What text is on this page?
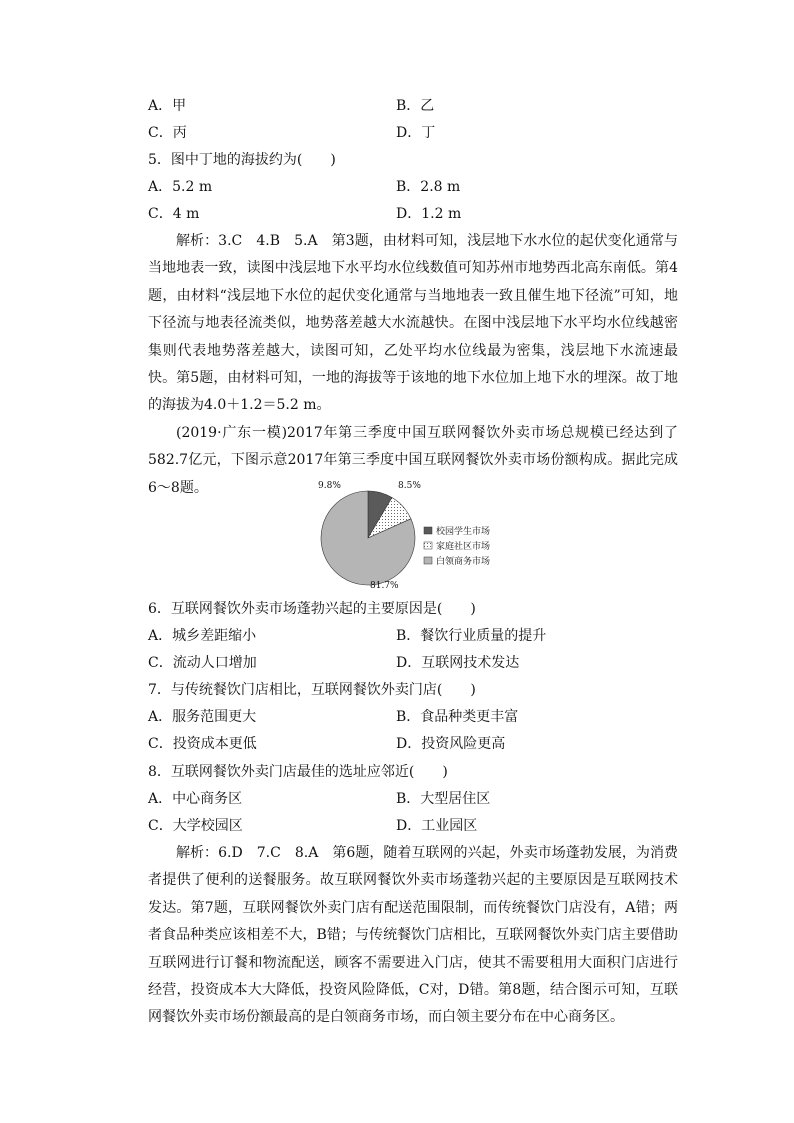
A．甲	B．乙
C．丙	D．丁
5．图中丁地的海拔约为(　　)
A．5.2 m	B．2.8 m
C．4 m	D．1.2 m
解析：3.C　4.B　5.A　第3题，由材料可知，浅层地下水水位的起伏变化通常与当地地表一致，读图中浅层地下水平均水位线数值可知苏州市地势西北高东南低。第4题，由材料“浅层地下水位的起伏变化通常与当地地表一致且催生地下径流”可知，地下径流与地表径流类似，地势落差越大水流越快。在图中浅层地下水平均水位线越密集则代表地势落差越大，读图可知，乙处平均水位线最为密集，浅层地下水流速最快。第5题，由材料可知，一地的海拔等于该地的地下水位加上地下水的埋深。故丁地的海拔为4.0＋1.2＝5.2 m。
(2019·广东一模)2017年第三季度中国互联网餐饮外卖市场总规模已经达到了582.7亿元，下图示意2017年第三季度中国互联网餐饮外卖市场份额构成。据此完成6～8题。	8.5%
9.8%
81.7%
校园学生市场
家庭社区市场
白领商务市场
6．互联网餐饮外卖市场蓬勃兴起的主要原因是(　　)
A．城乡差距缩小	B．餐饮行业质量的提升
C．流动人口增加	D．互联网技术发达
7．与传统餐饮门店相比，互联网餐饮外卖门店(　　)
A．服务范围更大	B．食品种类更丰富
C．投资成本更低	D．投资风险更高
8．互联网餐饮外卖门店最佳的选址应邻近(　　)
A．中心商务区	B．大型居住区
C．大学校园区	D．工业园区
解析：6.D　7.C　8.A　第6题，随着互联网的兴起，外卖市场蓬勃发展，为消费者提供了便利的送餐服务。故互联网餐饮外卖市场蓬勃兴起的主要原因是互联网技术发达。第7题，互联网餐饮外卖门店有配送范围限制，而传统餐饮门店没有，A错；两者食品种类应该相差不大，B错；与传统餐饮门店相比，互联网餐饮外卖门店主要借助互联网进行订餐和物流配送，顾客不需要进入门店，使其不需要租用大面积门店进行经营，投资成本大大降低，投资风险降低，C对，D错。第8题，结合图示可知，互联网餐饮外卖市场份额最高的是白领商务市场，而白领主要分布在中心商务区。
